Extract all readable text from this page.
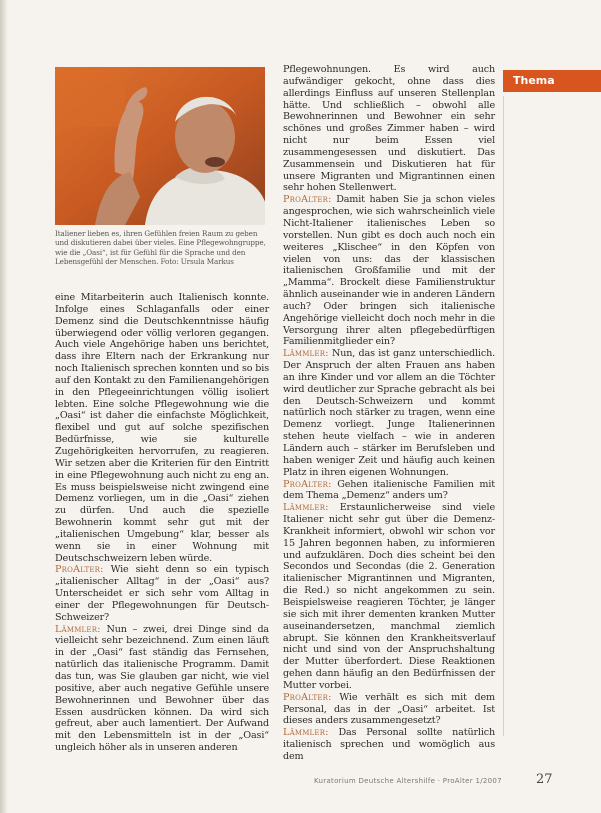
Italiener lieben es, ihren Gefühlen freien Raum zu geben und diskutieren dabei über vieles. Eine Pflegewohngruppe, wie die „Oasi“, ist für Gefühl für die Sprache und den Lebensgefühl der Menschen. Foto: Ursula Markus

eine Mitarbeiterin auch Italienisch konnte. Infolge eines Schlaganfalls oder einer Demenz sind die Deutschkenntnisse häufig überwiegend oder völlig verloren gegangen. Auch viele Angehörige haben uns berichtet, dass ihre Eltern nach der Erkrankung nur noch Italienisch sprechen konnten und so bis auf den Kontakt zu den Familienangehörigen in den Pflegeeinrichtungen völlig isoliert lebten. Eine solche Pflegewohnung wie die „Oasi“ ist daher die einfachste Möglichkeit, flexibel und gut auf solche spezifischen Bedürfnisse, wie sie kulturelle Zugehörigkeiten hervorrufen, zu reagieren. Wir setzen aber die Kriterien für den Eintritt in eine Pflegewohnung auch nicht zu eng an. Es muss beispielsweise nicht zwingend eine Demenz vorliegen, um in die „Oasi“ ziehen zu dürfen. Und auch die spezielle Bewohnerin kommt sehr gut mit der „italienischen Umgebung“ klar, besser als wenn sie in einer Wohnung mit Deutschschweizern leben würde.

ProAlter: Wie sieht denn so ein typisch „italienischer Alltag“ in der „Oasi“ aus? Unterscheidet er sich sehr vom Alltag in einer der Pflegewohnungen für Deutsch-Schweizer?

Lämmler: Nun – zwei, drei Dinge sind da vielleicht sehr bezeichnend. Zum einen läuft in der „Oasi“ fast ständig das Fernsehen, natürlich das italienische Programm. Damit das tun, was Sie glauben gar nicht, wie viel positive, aber auch negative Gefühle unsere Bewohnerinnen und Bewohner über das Essen ausdrücken können. Da wird sich gefreut, aber auch lamentiert. Der Aufwand mit den Lebensmitteln ist in der „Oasi“ ungleich höher als in unseren anderen

Pflegewohnungen. Es wird auch aufwändiger gekocht, ohne dass dies allerdings Einfluss auf unseren Stellenplan hätte. Und schließlich – obwohl alle Bewohnerinnen und Bewohner ein sehr schönes und großes Zimmer haben – wird nicht nur beim Essen viel zusammengesessen und diskutiert. Das Zusammensein und Diskutieren hat für unsere Migranten und Migrantinnen einen sehr hohen Stellenwert.

ProAlter: Damit haben Sie ja schon vieles angesprochen, wie sich wahrscheinlich viele Nicht-Italiener italienisches Leben so vorstellen. Nun gibt es doch auch noch ein weiteres „Klischee“ in den Köpfen von vielen von uns: das der klassischen italienischen Großfamilie und mit der „Mamma“. Brockelt diese Familienstruktur ähnlich auseinander wie in anderen Ländern auch? Oder bringen sich italienische Angehörige vielleicht doch noch mehr in die Versorgung ihrer alten pflegebedürftigen Familienmitglieder ein?

Lämmler: Nun, das ist ganz unterschiedlich. Der Anspruch der alten Frauen ans haben an ihre Kinder und vor allem an die Töchter wird deutlicher zur Sprache gebracht als bei den Deutsch-Schweizern und kommt natürlich noch stärker zu tragen, wenn eine Demenz vorliegt. Junge Italienerinnen stehen heute vielfach – wie in anderen Ländern auch – stärker im Berufsleben und haben weniger Zeit und häufig auch keinen Platz in ihren eigenen Wohnungen.

ProAlter: Gehen italienische Familien mit dem Thema „Demenz“ anders um?

Lämmler: Erstaunlicherweise sind viele Italiener nicht sehr gut über die Demenz-Krankheit informiert, obwohl wir schon vor 15 Jahren begonnen haben, zu informieren und aufzuklären. Doch dies scheint bei den Secondos und Secondas (die 2. Generation italienischer Migrantinnen und Migranten, die Red.) so nicht angekommen zu sein. Beispielsweise reagieren Töchter, je länger sie sich mit ihrer dementen kranken Mutter auseinandersetzen, manchmal ziemlich abrupt. Sie können den Krankheitsverlauf nicht und sind von der Anspruchshaltung der Mutter überfordert. Diese Reaktionen gehen dann häufig an den Bedürfnissen der Mutter vorbei.

ProAlter: Wie verhält es sich mit dem Personal, das in der „Oasi“ arbeitet. Ist dieses anders zusammengesetzt?

Lämmler: Das Personal sollte natürlich italienisch sprechen und womöglich aus dem

Thema
Kuratorium Deutsche Altershilfe · ProAlter 1/2007	27
